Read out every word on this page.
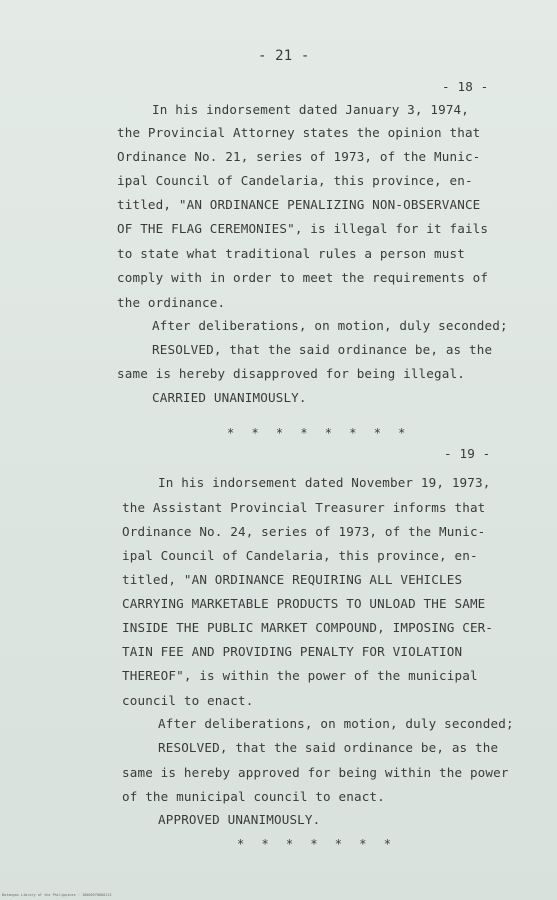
- 21 -
- 18 -
In his indorsement dated January 3, 1974,
the Provincial Attorney states the opinion that
Ordinance No. 21, series of 1973, of the Munic-
ipal Council of Candelaria, this province, en-
titled, "AN ORDINANCE PENALIZING NON-OBSERVANCE
OF THE FLAG CEREMONIES", is illegal for it fails
to state what traditional rules a person must
comply with in order to meet the requirements of
the ordinance.
After deliberations, on motion, duly seconded;
RESOLVED, that the said ordinance be, as the
same is hereby disapproved for being illegal.
CARRIED UNANIMOUSLY.
* * * * * * * *
- 19 -
In his indorsement dated November 19, 1973,
the Assistant Provincial Treasurer informs that
Ordinance No. 24, series of 1973, of the Munic-
ipal Council of Candelaria, this province, en-
titled, "AN ORDINANCE REQUIRING ALL VEHICLES
CARRYING MARKETABLE PRODUCTS TO UNLOAD THE SAME
INSIDE THE PUBLIC MARKET COMPOUND, IMPOSING CER-
TAIN FEE AND PROVIDING PENALTY FOR VIOLATION
THEREOF", is within the power of the municipal
council to enact.
After deliberations, on motion, duly seconded;
RESOLVED, that the said ordinance be, as the
same is hereby approved for being within the power
of the municipal council to enact.
APPROVED UNANIMOUSLY.
* * * * * * *
Batangas Library of the Philippines · 18000970000112
